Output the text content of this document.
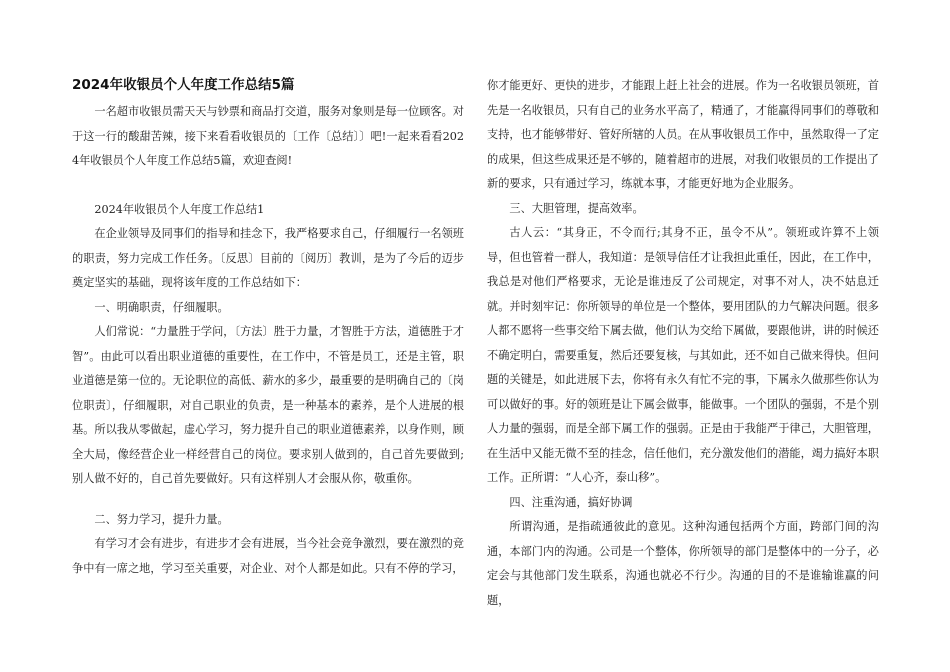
2024年收银员个人年度工作总结5篇

一名超市收银员需天天与钞票和商品打交道，服务对象则是每一位顾客。对于这一行的酸甜苦辣，接下来看看收银员的〔工作〔总结〕〕吧!一起来看看2024年收银员个人年度工作总结5篇，欢迎查阅!

2024年收银员个人年度工作总结1

在企业领导及同事们的指导和挂念下，我严格要求自己，仔细履行一名领班的职责，努力完成工作任务。〔反思〕目前的〔阅历〕教训，是为了今后的迈步奠定坚实的基础，现将该年度的工作总结如下：

一、明确职责，仔细履职。

人们常说：“力量胜于学问，〔方法〕胜于力量，才智胜于方法，道德胜于才智”。由此可以看出职业道德的重要性，在工作中，不管是员工，还是主管，职业道德是第一位的。无论职位的高低、薪水的多少，最重要的是明确自己的〔岗位职责〕，仔细履职，对自己职业的负责，是一种基本的素养，是个人进展的根基。所以我从零做起，虚心学习，努力提升自己的职业道德素养，以身作则，顾全大局，像经营企业一样经营自己的岗位。要求别人做到的，自己首先要做到;别人做不好的，自己首先要做好。只有这样别人才会服从你，敬重你。

二、努力学习，提升力量。

有学习才会有进步，有进步才会有进展，当今社会竞争激烈，要在激烈的竞争中有一席之地，学习至关重要，对企业、对个人都是如此。只有不停的学习，

你才能更好、更快的进步，才能跟上赶上社会的进展。作为一名收银员领班，首先是一名收银员，只有自己的业务水平高了，精通了，才能赢得同事们的尊敬和支持，也才能够带好、管好所辖的人员。在从事收银员工作中，虽然取得一了定的成果，但这些成果还是不够的，随着超市的进展，对我们收银员的工作提出了新的要求，只有通过学习，练就本事，才能更好地为企业服务。

三、大胆管理，提高效率。

古人云：“其身正，不令而行;其身不正，虽令不从”。领班或许算不上领导，但也管着一群人，我知道：是领导信任才让我担此重任，因此，在工作中，我总是对他们严格要求，无论是谁违反了公司规定，对事不对人，决不姑息迁就。并时刻牢记：你所领导的单位是一个整体，要用团队的力气解决问题。很多人都不愿将一些事交给下属去做，他们认为交给下属做，要跟他讲，讲的时候还不确定明白，需要重复，然后还要复核，与其如此，还不如自己做来得快。但问题的关键是，如此进展下去，你将有永久有忙不完的事，下属永久做那些你认为可以做好的事。好的领班是让下属会做事，能做事。一个团队的强弱，不是个别人力量的强弱，而是全部下属工作的强弱。正是由于我能严于律己，大胆管理，在生活中又能无微不至的挂念，信任他们，充分激发他们的潜能，竭力搞好本职工作。正所谓：“人心齐，泰山移”。

四、注重沟通，搞好协调

所谓沟通，是指疏通彼此的意见。这种沟通包括两个方面，跨部门间的沟通，本部门内的沟通。公司是一个整体，你所领导的部门是整体中的一分子，必定会与其他部门发生联系，沟通也就必不行少。沟通的目的不是谁输谁赢的问题，
